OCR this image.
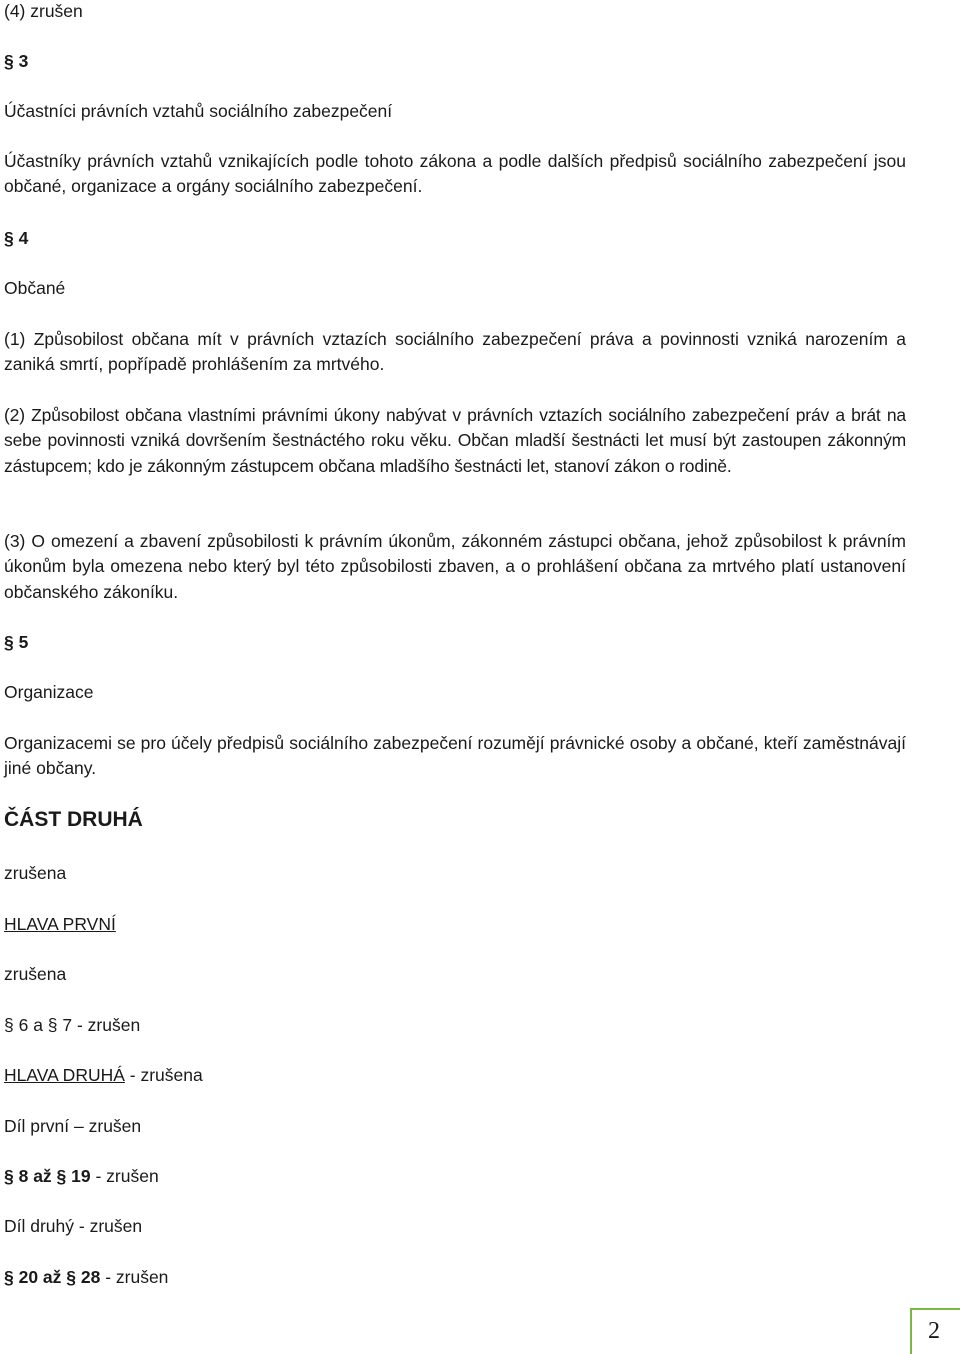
(4) zrušen
§ 3
Účastníci právních vztahů sociálního zabezpečení
Účastníky právních vztahů vznikajících podle tohoto zákona a podle dalších předpisů sociálního zabezpečení jsou občané, organizace a orgány sociálního zabezpečení.
§ 4
Občané
(1) Způsobilost občana mít v právních vztazích sociálního zabezpečení práva a povinnosti vzniká narozením a zaniká smrtí, popřípadě prohlášením za mrtvého.
(2) Způsobilost občana vlastními právními úkony nabývat v právních vztazích sociálního zabezpečení práv a brát na sebe povinnosti vzniká dovršením šestnáctého roku věku. Občan mladší šestnácti let musí být zastoupen zákonným zástupcem; kdo je zákonným zástupcem občana mladšího šestnácti let, stanoví zákon o rodině.
(3) O omezení a zbavení způsobilosti k právním úkonům, zákonném zástupci občana, jehož způsobilost k právním úkonům byla omezena nebo který byl této způsobilosti zbaven, a o prohlášení občana za mrtvého platí ustanovení občanského zákoníku.
§ 5
Organizace
Organizacemi se pro účely předpisů sociálního zabezpečení rozumějí právnické osoby a občané, kteří zaměstnávají jiné občany.
ČÁST DRUHÁ
zrušena
HLAVA PRVNÍ
zrušena
§ 6 a § 7 - zrušen
HLAVA DRUHÁ - zrušena
Díl první – zrušen
§ 8 až § 19 - zrušen
Díl druhý - zrušen
§ 20 až § 28 - zrušen
2
